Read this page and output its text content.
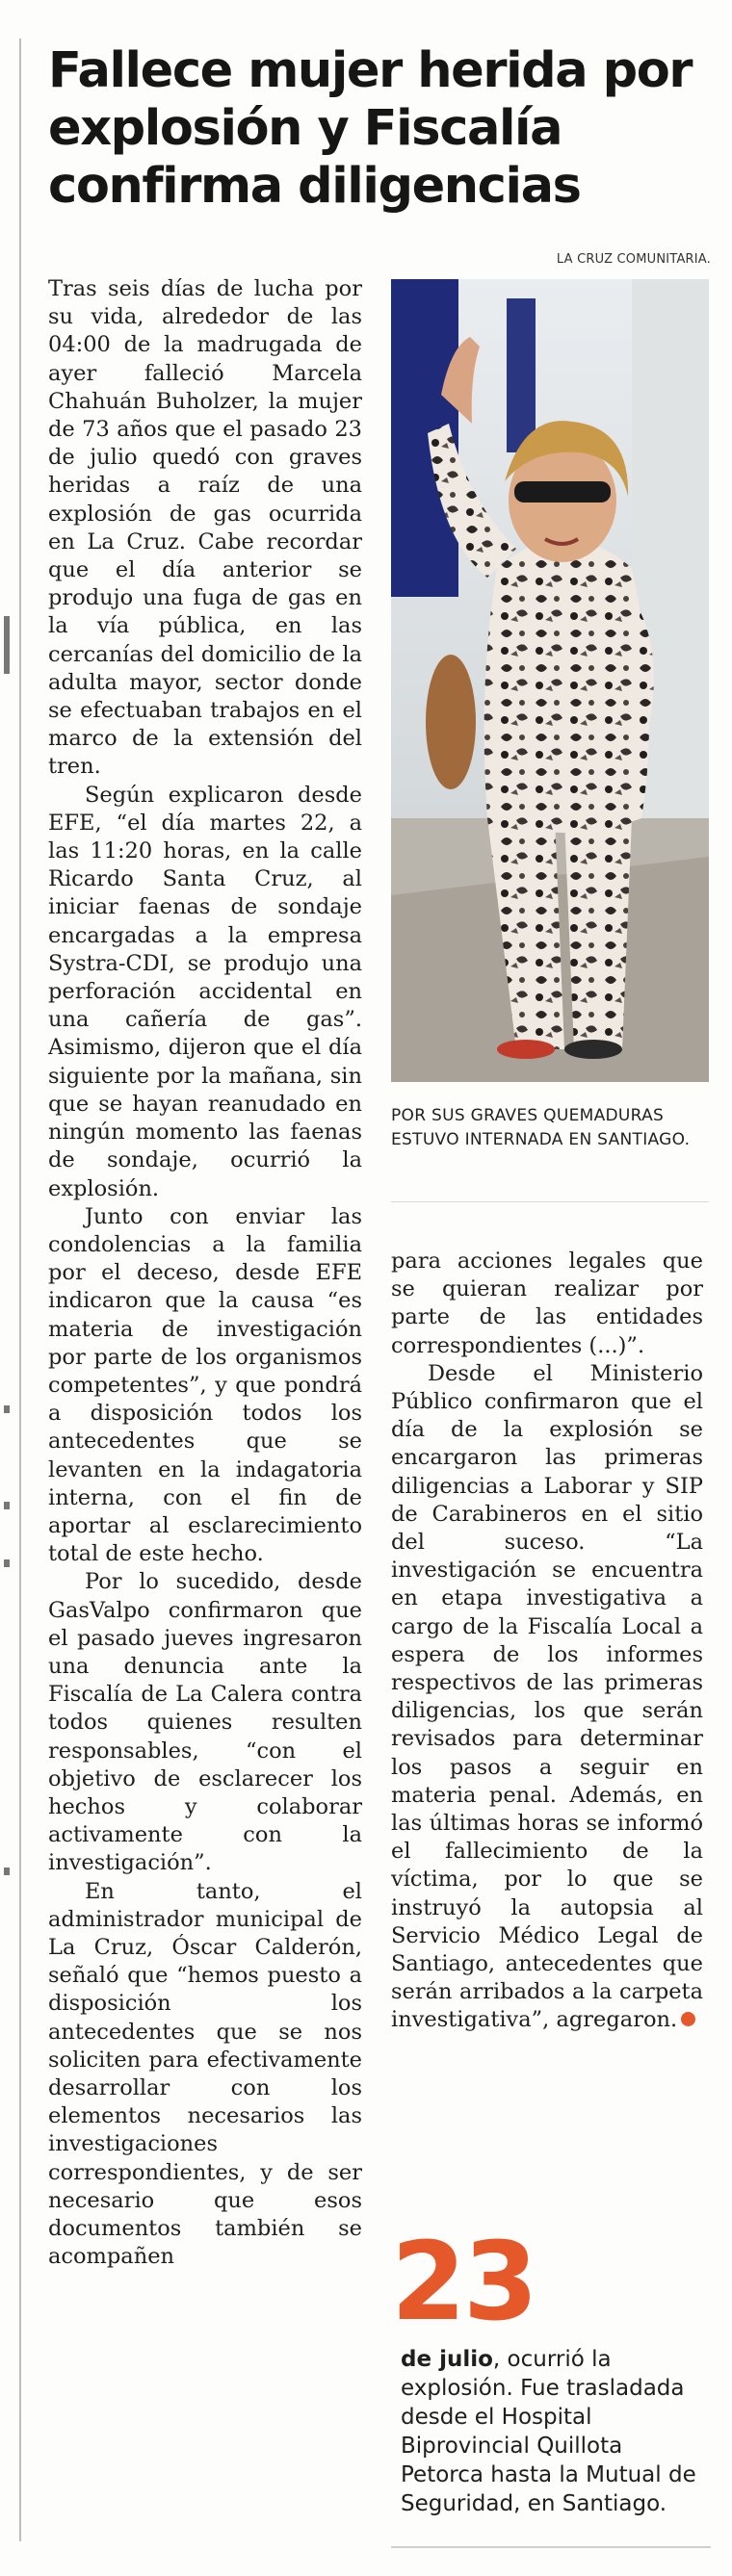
Fallece mujer herida por explosión y Fiscalía confirma diligencias
LA CRUZ COMUNITARIA.

Tras seis días de lucha por su vida, alrededor de las 04:00 de la madrugada de ayer falleció Marcela Chahuán Buholzer, la mujer de 73 años que el pasado 23 de julio quedó con graves heridas a raíz de una explosión de gas ocurrida en La Cruz. Cabe recordar que el día anterior se produjo una fuga de gas en la vía pública, en las cercanías del domicilio de la adulta mayor, sector donde se efectuaban trabajos en el marco de la extensión del tren.

Según explicaron desde EFE, “el día martes 22, a las 11:20 horas, en la calle Ricardo Santa Cruz, al iniciar faenas de sondaje encargadas a la empresa Systra-CDI, se produjo una perforación accidental en una cañería de gas”. Asimismo, dijeron que el día siguiente por la mañana, sin que se hayan reanudado en ningún momento las faenas de sondaje, ocurrió la explosión.

Junto con enviar las condolencias a la familia por el deceso, desde EFE indicaron que la causa “es materia de investigación por parte de los organismos competentes”, y que pondrá a disposición todos los antecedentes que se levanten en la indagatoria interna, con el fin de aportar al esclarecimiento total de este hecho.

Por lo sucedido, desde GasValpo confirmaron que el pasado jueves ingresaron una denuncia ante la Fiscalía de La Calera contra todos quienes resulten responsables, “con el objetivo de esclarecer los hechos y colaborar activamente con la investigación”.

En tanto, el administrador municipal de La Cruz, Óscar Calderón, señaló que “hemos puesto a disposición los antecedentes que se nos soliciten para efectivamente desarrollar con los elementos necesarios las investigaciones correspondientes, y de ser necesario que esos documentos también se acompañen

POR SUS GRAVES QUEMADURAS ESTUVO INTERNADA EN SANTIAGO.

para acciones legales que se quieran realizar por parte de las entidades correspondientes (...)”.

Desde el Ministerio Público confirmaron que el día de la explosión se encargaron las primeras diligencias a Laborar y SIP de Carabineros en el sitio del suceso. “La investigación se encuentra en etapa investigativa a cargo de la Fiscalía Local a espera de los informes respectivos de las primeras diligencias, los que serán revisados para determinar los pasos a seguir en materia penal. Además, en las últimas horas se informó el fallecimiento de la víctima, por lo que se instruyó la autopsia al Servicio Médico Legal de Santiago, antecedentes que serán arribados a la carpeta investigativa”, agregaron.

23
de julio, ocurrió la explosión. Fue trasladada desde el Hospital Biprovincial Quillota Petorca hasta la Mutual de Seguridad, en Santiago.
